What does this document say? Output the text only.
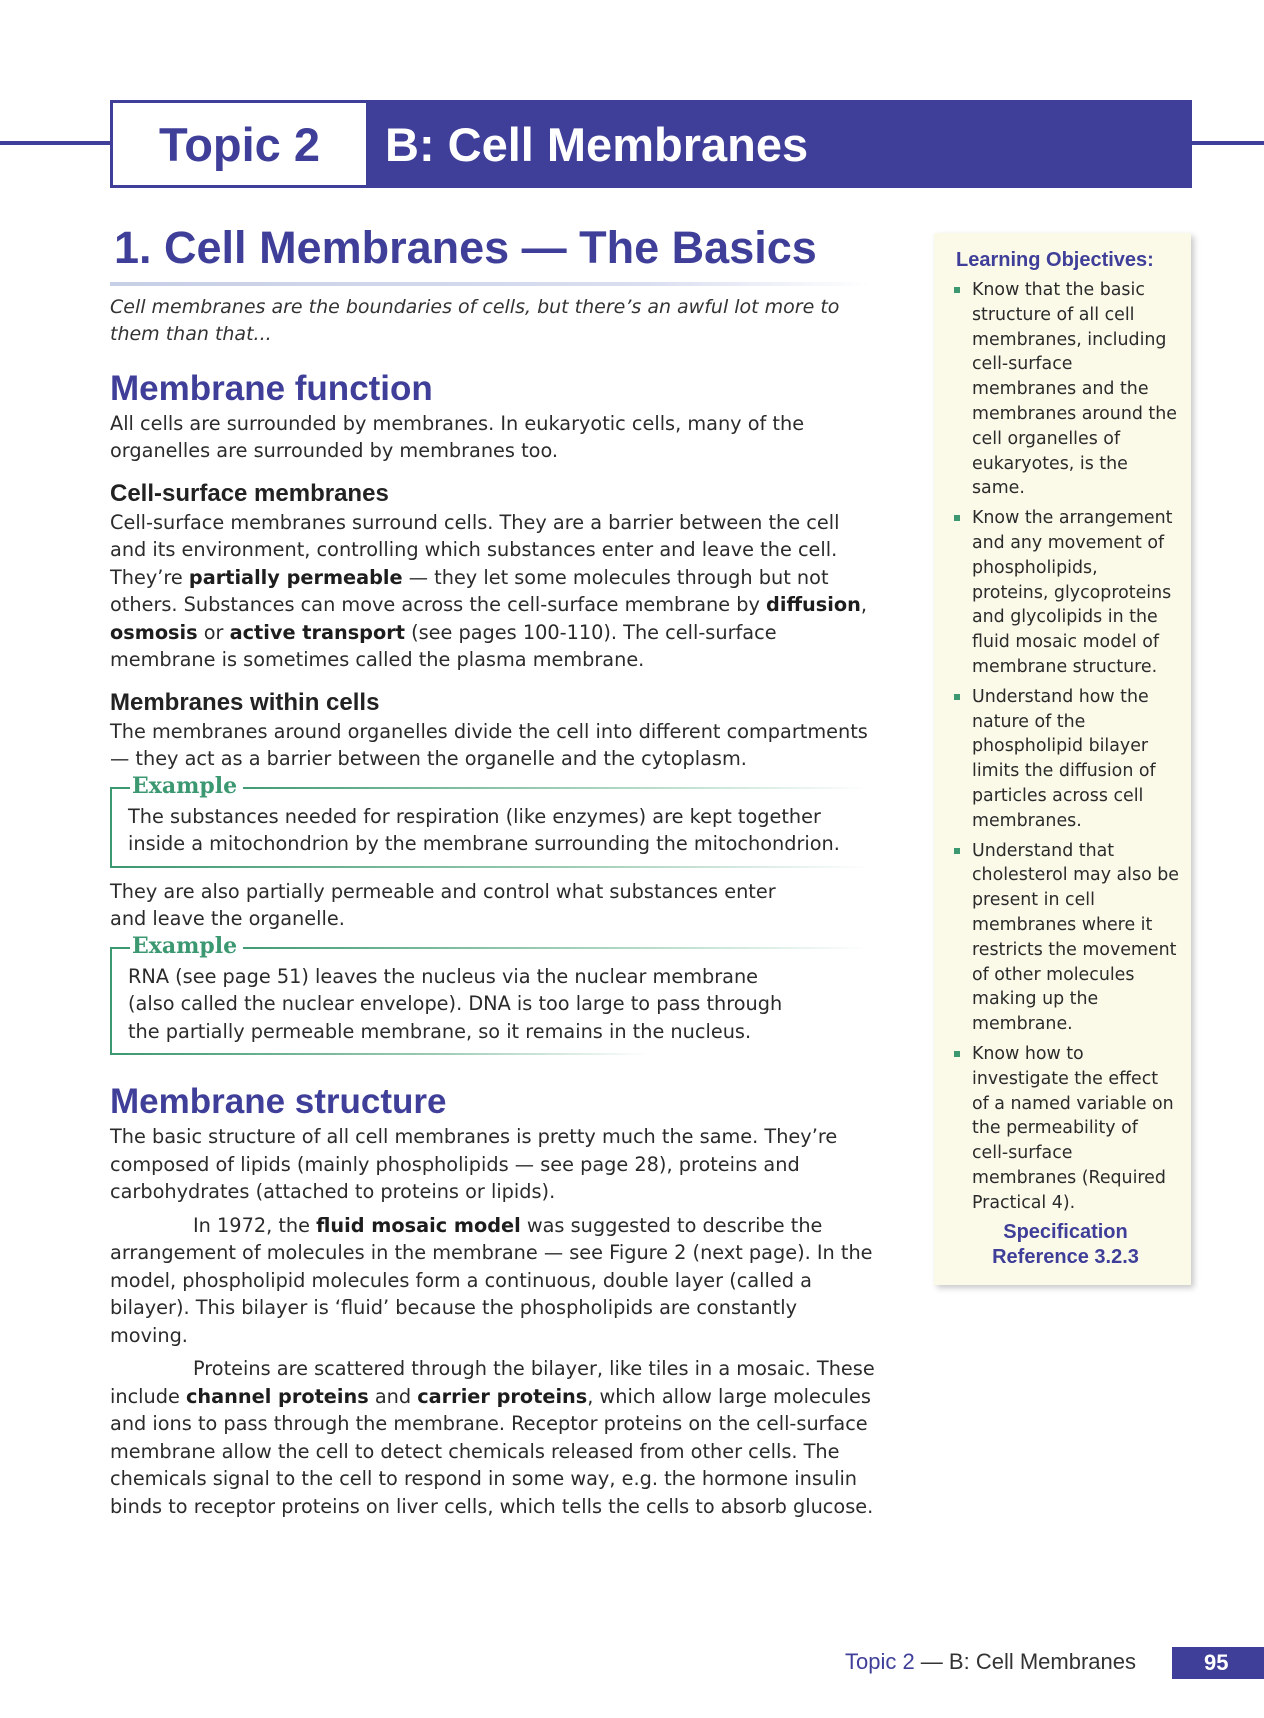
Topic 2 B: Cell Membranes
1. Cell Membranes — The Basics

Cell membranes are the boundaries of cells, but there’s an awful lot more to them than that...

Membrane function

All cells are surrounded by membranes. In eukaryotic cells, many of the organelles are surrounded by membranes too.

Cell-surface membranes

Cell-surface membranes surround cells. They are a barrier between the cell and its environment, controlling which substances enter and leave the cell. They’re partially permeable — they let some molecules through but not others. Substances can move across the cell-surface membrane by diffusion, osmosis or active transport (see pages 100-110). The cell-surface membrane is sometimes called the plasma membrane.

Membranes within cells

The membranes around organelles divide the cell into different compartments — they act as a barrier between the organelle and the cytoplasm.

Example

The substances needed for respiration (like enzymes) are kept together inside a mitochondrion by the membrane surrounding the mitochondrion.

They are also partially permeable and control what substances enter and leave the organelle.

Example

RNA (see page 51) leaves the nucleus via the nuclear membrane (also called the nuclear envelope). DNA is too large to pass through the partially permeable membrane, so it remains in the nucleus.

Membrane structure

The basic structure of all cell membranes is pretty much the same. They’re composed of lipids (mainly phospholipids — see page 28), proteins and carbohydrates (attached to proteins or lipids).

In 1972, the fluid mosaic model was suggested to describe the arrangement of molecules in the membrane — see Figure 2 (next page). In the model, phospholipid molecules form a continuous, double layer (called a bilayer). This bilayer is ‘fluid’ because the phospholipids are constantly moving.

Proteins are scattered through the bilayer, like tiles in a mosaic. These include channel proteins and carrier proteins, which allow large molecules and ions to pass through the membrane. Receptor proteins on the cell-surface membrane allow the cell to detect chemicals released from other cells. The chemicals signal to the cell to respond in some way, e.g. the hormone insulin binds to receptor proteins on liver cells, which tells the cells to absorb glucose.

Learning Objectives:
Know that the basic structure of all cell membranes, including cell-surface membranes and the membranes around the cell organelles of eukaryotes, is the same.
Know the arrangement and any movement of phospholipids, proteins, glycoproteins and glycolipids in the fluid mosaic model of membrane structure.
Understand how the nature of the phospholipid bilayer limits the diffusion of particles across cell membranes.
Understand that cholesterol may also be present in cell membranes where it restricts the movement of other molecules making up the membrane.
Know how to investigate the effect of a named variable on the permeability of cell-surface membranes (Required Practical 4).
Specification
Reference 3.2.3
Topic 2 — B: Cell Membranes	95
